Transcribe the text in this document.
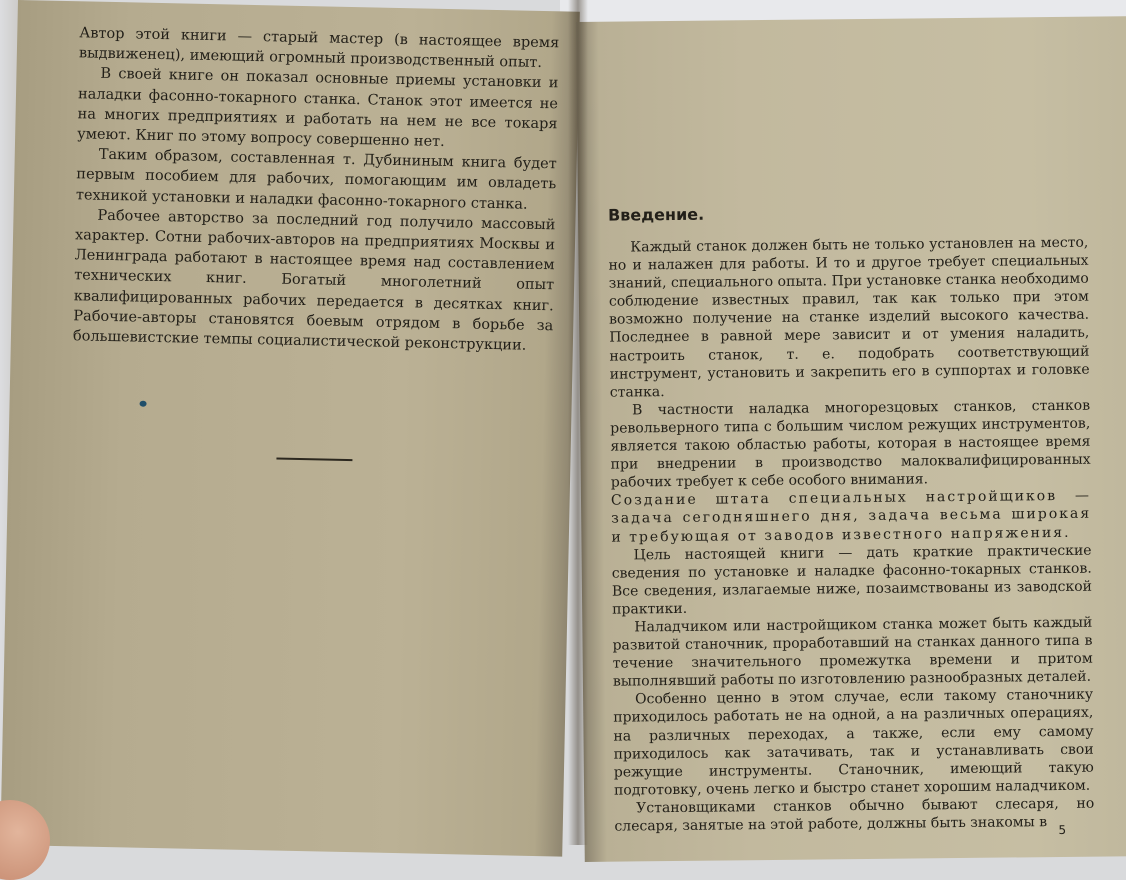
Автор этой книги — старый мастер (в настоящее время выдвиженец), имеющий огромный производственный опыт.

В своей книге он показал основные приемы установки и наладки фасонно-токарного станка. Станок этот имеется не на многих предприятиях и работать на нем не все токаря умеют. Книг по этому вопросу совершенно нет.

Таким образом, составленная т. Дубининым книга будет первым пособием для рабочих, помогающим им овладеть техникой установки и наладки фасонно-токарного станка.

Рабочее авторство за последний год получило массовый характер. Сотни рабочих-авторов на предприятиях Москвы и Ленинграда работают в настоящее время над составлением технических книг. Богатый многолетний опыт квалифицированных рабочих передается в десятках книг. Рабочие-авторы становятся боевым отрядом в борьбе за большевистские темпы социалистической реконструкции.

Введение.

Каждый станок должен быть не только установлен на место, но и налажен для работы. И то и другое требует специальных знаний, специального опыта. При установке станка необходимо соблюдение известных правил, так как только при этом возможно получение на станке изделий высокого качества. Последнее в равной мере зависит и от умения наладить, настроить станок, т. е. подобрать соответствующий инструмент, установить и закрепить его в суппортах и головке станка.

В частности наладка многорезцовых станков, станков револьверного типа с большим числом режущих инструментов, является такою областью работы, которая в настоящее время при внедрении в производство малоквалифицированных рабочих требует к себе особого внимания.

Создание штата специальных настройщиков — задача сегодняшнего дня, задача весьма широкая и требующая от заводов известного напряжения.

Цель настоящей книги — дать краткие практические сведения по установке и наладке фасонно-токарных станков. Все сведения, излагаемые ниже, позаимствованы из заводской практики.

Наладчиком или настройщиком станка может быть каждый развитой станочник, проработавший на станках данного типа в течение значительного промежутка времени и притом выполнявший работы по изготовлению разнообразных деталей.

Особенно ценно в этом случае, если такому станочнику приходилось работать не на одной, а на различных операциях, на различных переходах, а также, если ему самому приходилось как затачивать, так и устанавливать свои режущие инструменты. Станочник, имеющий такую подготовку, очень легко и быстро станет хорошим наладчиком.

Установщиками станков обычно бывают слесаря, но слесаря, занятые на этой работе, должны быть знакомы в 5
